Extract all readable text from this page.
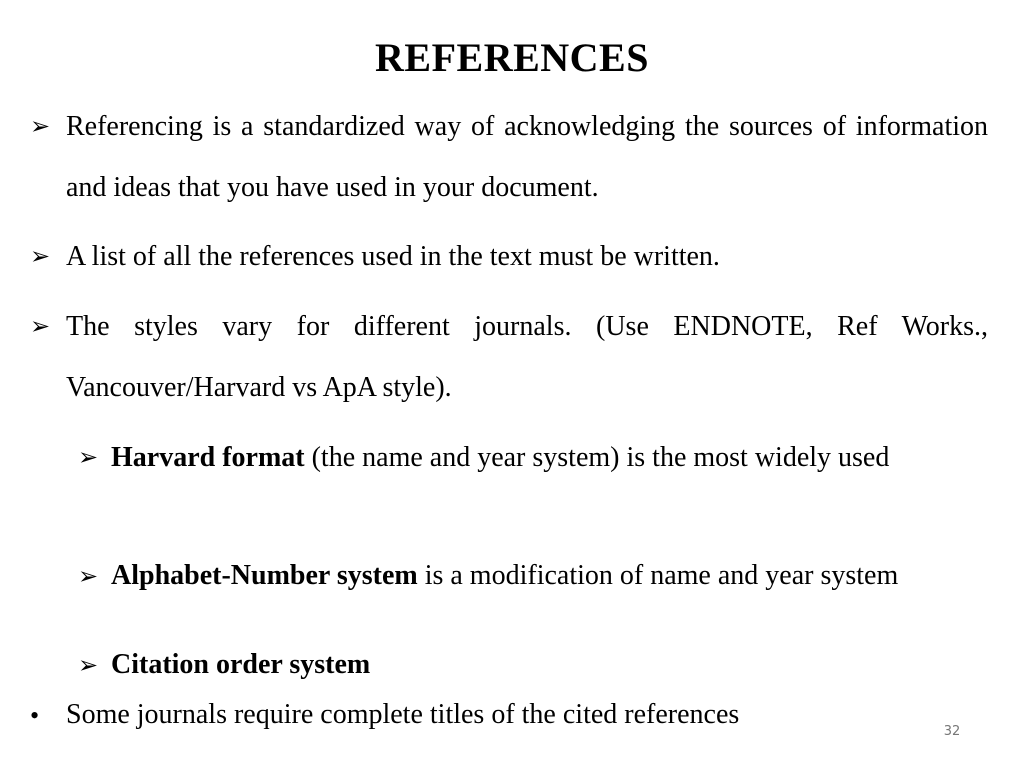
REFERENCES
➢ Referencing is a standardized way of acknowledging the sources of information and ideas that you have used in your document.
➢ A list of all the references used in the text must be written.
➢ The styles vary for different journals. (Use ENDNOTE, Ref Works., Vancouver/Harvard vs ApA style).
➢ Harvard format (the name and year system) is the most widely used
➢ Alphabet-Number system is a modification of name and year system
➢ Citation order system
• Some journals require complete titles of the cited references
32
